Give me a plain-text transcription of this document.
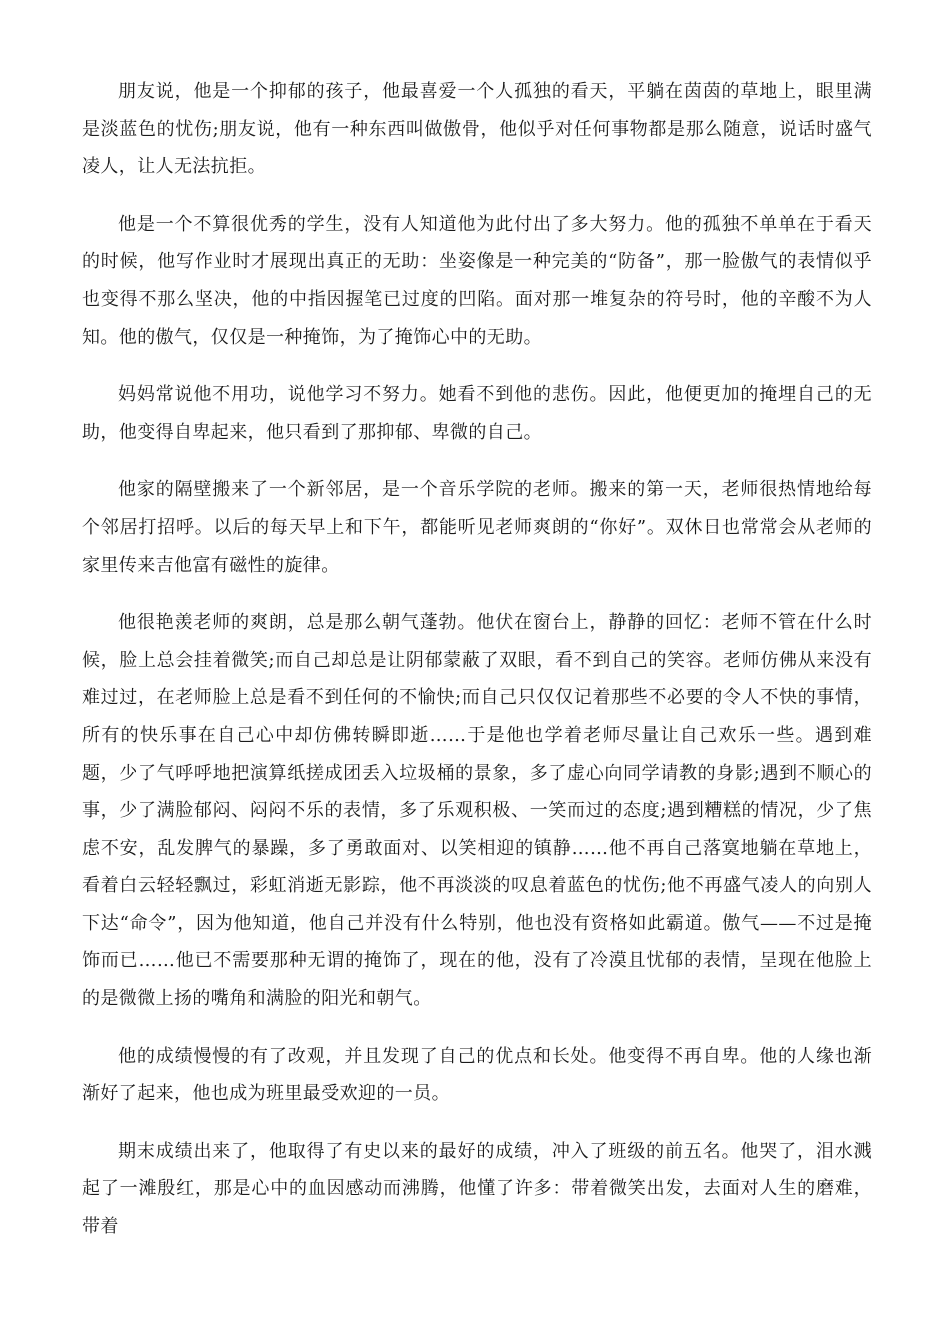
朋友说，他是一个抑郁的孩子，他最喜爱一个人孤独的看天，平躺在茵茵的草地上，眼里满是淡蓝色的忧伤;朋友说，他有一种东西叫做傲骨，他似乎对任何事物都是那么随意，说话时盛气凌人，让人无法抗拒。

他是一个不算很优秀的学生，没有人知道他为此付出了多大努力。他的孤独不单单在于看天的时候，他写作业时才展现出真正的无助：坐姿像是一种完美的“防备”，那一脸傲气的表情似乎也变得不那么坚决，他的中指因握笔已过度的凹陷。面对那一堆复杂的符号时，他的辛酸不为人知。他的傲气，仅仅是一种掩饰，为了掩饰心中的无助。

妈妈常说他不用功，说他学习不努力。她看不到他的悲伤。因此，他便更加的掩埋自己的无助，他变得自卑起来，他只看到了那抑郁、卑微的自己。

他家的隔壁搬来了一个新邻居，是一个音乐学院的老师。搬来的第一天，老师很热情地给每个邻居打招呼。以后的每天早上和下午，都能听见老师爽朗的“你好”。双休日也常常会从老师的家里传来吉他富有磁性的旋律。

他很艳羡老师的爽朗，总是那么朝气蓬勃。他伏在窗台上，静静的回忆：老师不管在什么时候，脸上总会挂着微笑;而自己却总是让阴郁蒙蔽了双眼，看不到自己的笑容。老师仿佛从来没有难过过，在老师脸上总是看不到任何的不愉快;而自己只仅仅记着那些不必要的令人不快的事情，所有的快乐事在自己心中却仿佛转瞬即逝……于是他也学着老师尽量让自己欢乐一些。遇到难题，少了气呼呼地把演算纸搓成团丢入垃圾桶的景象，多了虚心向同学请教的身影;遇到不顺心的事，少了满脸郁闷、闷闷不乐的表情，多了乐观积极、一笑而过的态度;遇到糟糕的情况，少了焦虑不安，乱发脾气的暴躁，多了勇敢面对、以笑相迎的镇静……他不再自己落寞地躺在草地上，看着白云轻轻飘过，彩虹消逝无影踪，他不再淡淡的叹息着蓝色的忧伤;他不再盛气凌人的向别人下达“命令”，因为他知道，他自己并没有什么特别，他也没有资格如此霸道。傲气——不过是掩饰而已……他已不需要那种无谓的掩饰了，现在的他，没有了冷漠且忧郁的表情，呈现在他脸上的是微微上扬的嘴角和满脸的阳光和朝气。

他的成绩慢慢的有了改观，并且发现了自己的优点和长处。他变得不再自卑。他的人缘也渐渐好了起来，他也成为班里最受欢迎的一员。

期末成绩出来了，他取得了有史以来的最好的成绩，冲入了班级的前五名。他哭了，泪水溅起了一滩殷红，那是心中的血因感动而沸腾，他懂了许多：带着微笑出发，去面对人生的磨难，带着
